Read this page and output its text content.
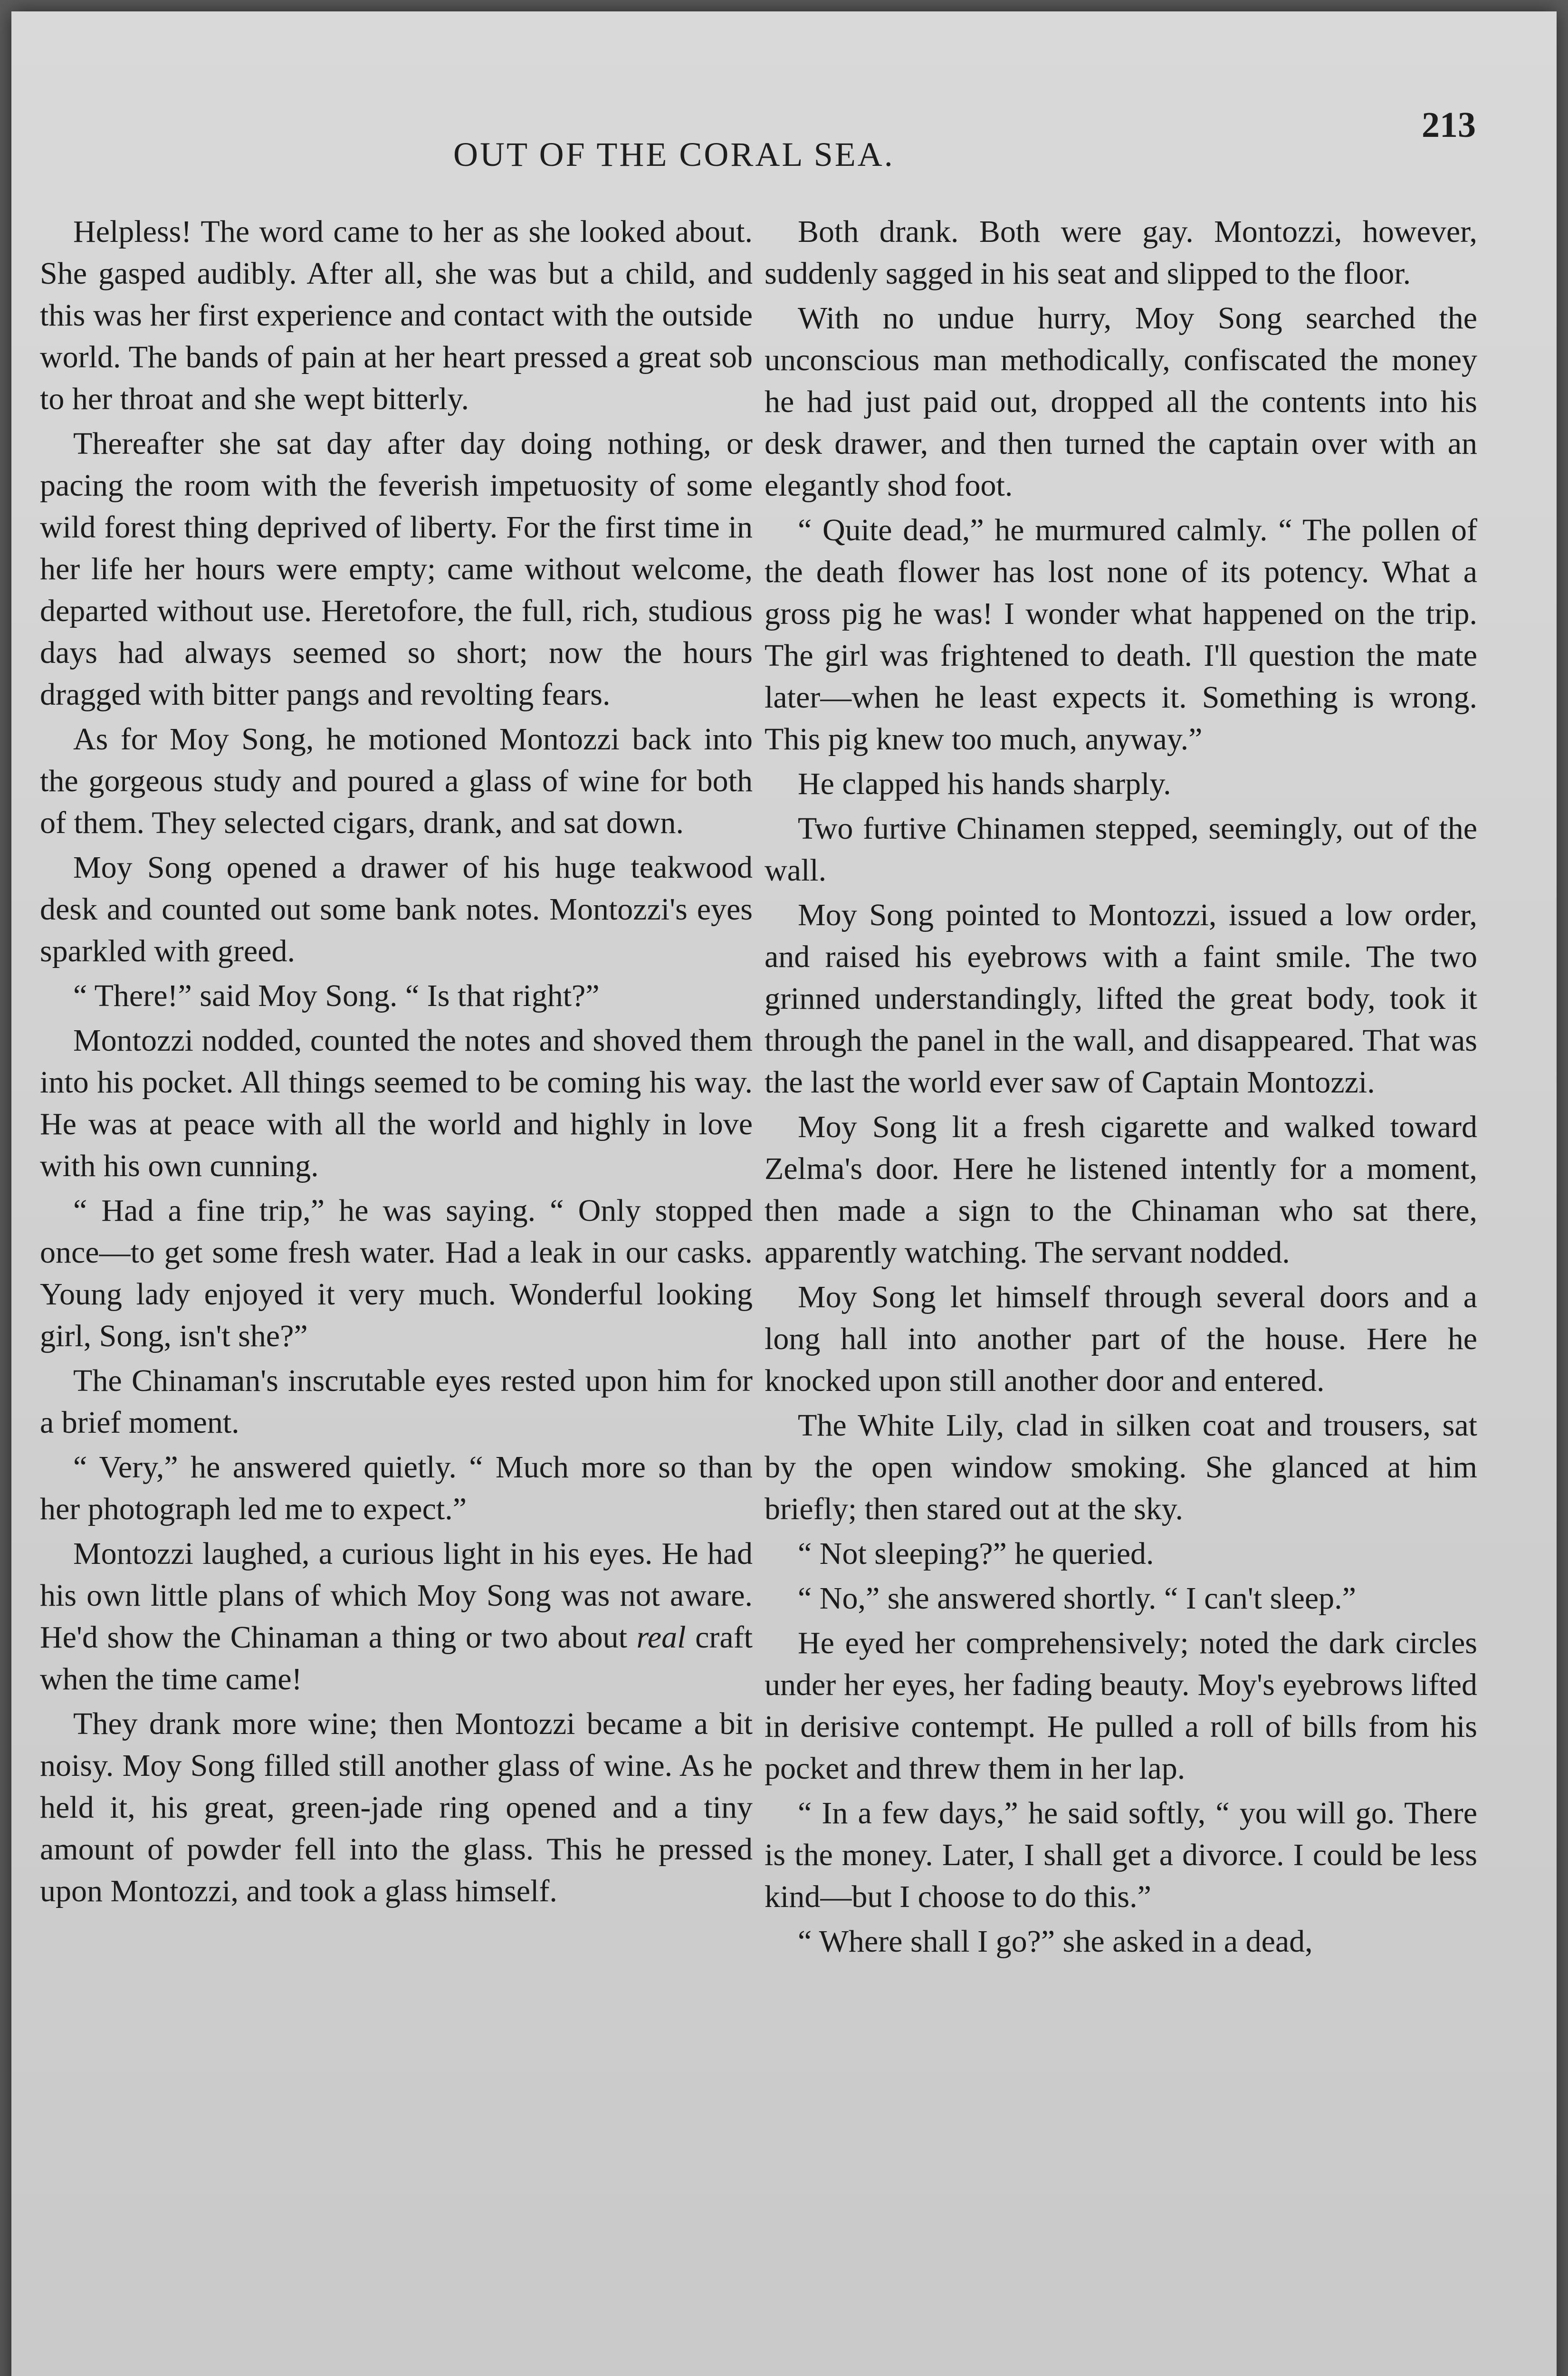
OUT OF THE CORAL SEA.
213

Helpless! The word came to her as she looked about. She gasped audibly. After all, she was but a child, and this was her first experience and contact with the outside world. The bands of pain at her heart pressed a great sob to her throat and she wept bitterly.

Thereafter she sat day after day doing nothing, or pacing the room with the feverish impetuosity of some wild forest thing deprived of liberty. For the first time in her life her hours were empty; came without welcome, departed without use. Heretofore, the full, rich, studious days had always seemed so short; now the hours dragged with bitter pangs and revolting fears.

As for Moy Song, he motioned Montozzi back into the gorgeous study and poured a glass of wine for both of them. They selected cigars, drank, and sat down.

Moy Song opened a drawer of his huge teakwood desk and counted out some bank notes. Montozzi's eyes sparkled with greed.

“ There!” said Moy Song. “ Is that right?”

Montozzi nodded, counted the notes and shoved them into his pocket. All things seemed to be coming his way. He was at peace with all the world and highly in love with his own cunning.

“ Had a fine trip,” he was saying. “ Only stopped once—to get some fresh water. Had a leak in our casks. Young lady enjoyed it very much. Wonderful looking girl, Song, isn't she?”

The Chinaman's inscrutable eyes rested upon him for a brief moment.

“ Very,” he answered quietly. “ Much more so than her photograph led me to expect.”

Montozzi laughed, a curious light in his eyes. He had his own little plans of which Moy Song was not aware. He'd show the Chinaman a thing or two about real craft when the time came!

They drank more wine; then Montozzi became a bit noisy. Moy Song filled still another glass of wine. As he held it, his great, green-jade ring opened and a tiny amount of powder fell into the glass. This he pressed upon Montozzi, and took a glass himself.

Both drank. Both were gay. Montozzi, however, suddenly sagged in his seat and slipped to the floor.

With no undue hurry, Moy Song searched the unconscious man methodically, confiscated the money he had just paid out, dropped all the contents into his desk drawer, and then turned the captain over with an elegantly shod foot.

“ Quite dead,” he murmured calmly. “ The pollen of the death flower has lost none of its potency. What a gross pig he was! I wonder what happened on the trip. The girl was frightened to death. I'll question the mate later—when he least expects it. Something is wrong. This pig knew too much, anyway.”

He clapped his hands sharply.

Two furtive Chinamen stepped, seemingly, out of the wall.

Moy Song pointed to Montozzi, issued a low order, and raised his eyebrows with a faint smile. The two grinned understandingly, lifted the great body, took it through the panel in the wall, and disappeared. That was the last the world ever saw of Captain Montozzi.

Moy Song lit a fresh cigarette and walked toward Zelma's door. Here he listened intently for a moment, then made a sign to the Chinaman who sat there, apparently watching. The servant nodded.

Moy Song let himself through several doors and a long hall into another part of the house. Here he knocked upon still another door and entered.

The White Lily, clad in silken coat and trousers, sat by the open window smoking. She glanced at him briefly; then stared out at the sky.

“ Not sleeping?” he queried.

“ No,” she answered shortly. “ I can't sleep.”

He eyed her comprehensively; noted the dark circles under her eyes, her fading beauty. Moy's eyebrows lifted in derisive contempt. He pulled a roll of bills from his pocket and threw them in her lap.

“ In a few days,” he said softly, “ you will go. There is the money. Later, I shall get a divorce. I could be less kind—but I choose to do this.”

“ Where shall I go?” she asked in a dead,
